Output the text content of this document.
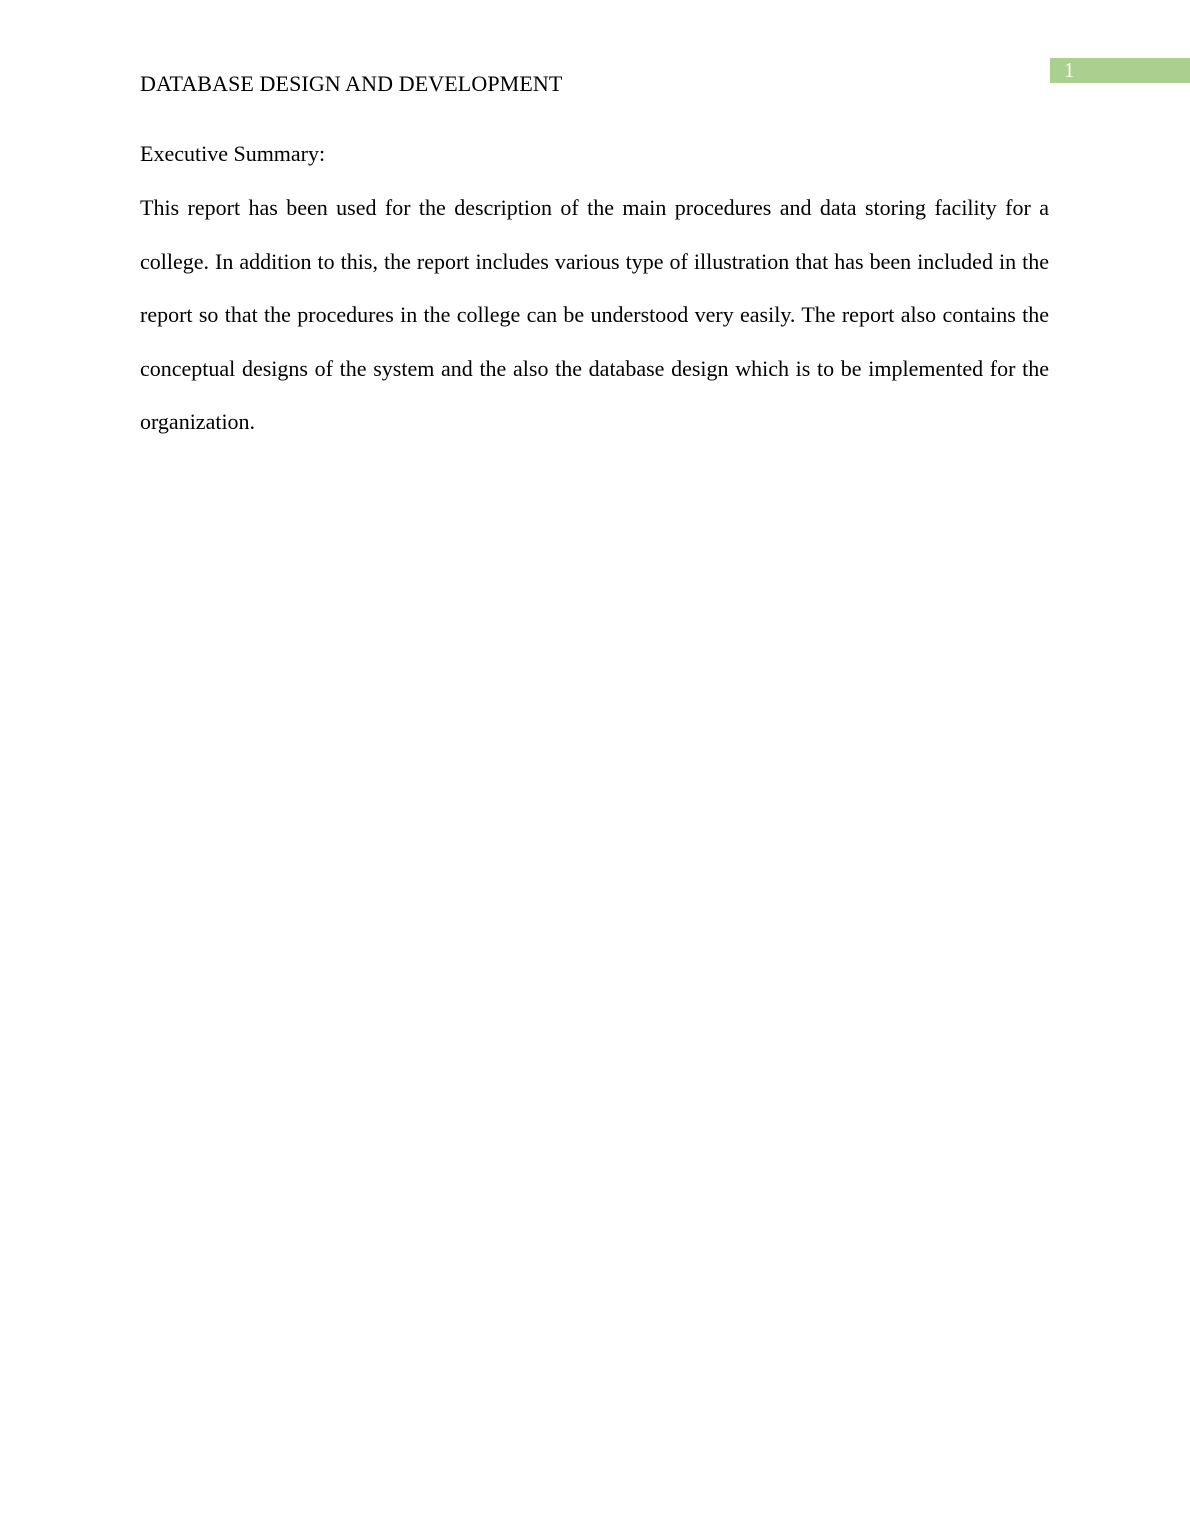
DATABASE DESIGN AND DEVELOPMENT
1
Executive Summary:

This report has been used for the description of the main procedures and data storing facility for a college. In addition to this, the report includes various type of illustration that has been included in the report so that the procedures in the college can be understood very easily. The report also contains the conceptual designs of the system and the also the database design which is to be implemented for the organization.
